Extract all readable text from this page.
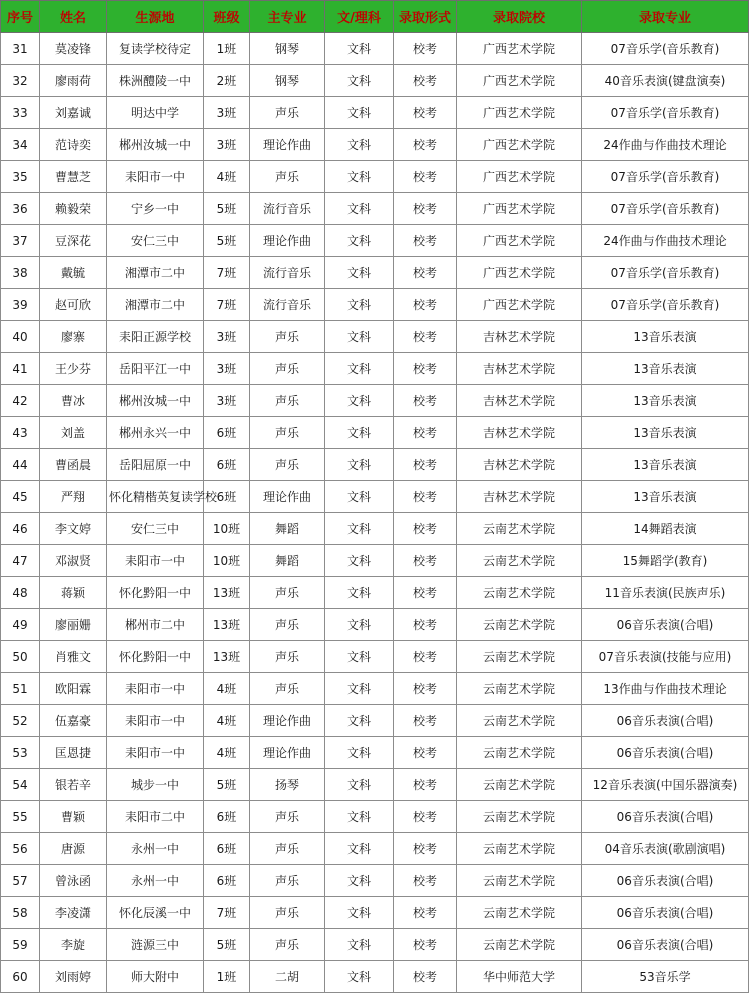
序号	姓名	生源地	班级	主专业	文/理科	录取形式	录取院校	录取专业
31	莫凌锋	复读学校待定	1班	钢琴	文科	校考	广西艺术学院	07音乐学(音乐教育)
32	廖雨荷	株洲醴陵一中	2班	钢琴	文科	校考	广西艺术学院	40音乐表演(键盘演奏)
33	刘嘉诚	明达中学	3班	声乐	文科	校考	广西艺术学院	07音乐学(音乐教育)
34	范诗奕	郴州汝城一中	3班	理论作曲	文科	校考	广西艺术学院	24作曲与作曲技术理论
35	曹慧芝	耒阳市一中	4班	声乐	文科	校考	广西艺术学院	07音乐学(音乐教育)
36	赖毅荣	宁乡一中	5班	流行音乐	文科	校考	广西艺术学院	07音乐学(音乐教育)
37	豆深花	安仁三中	5班	理论作曲	文科	校考	广西艺术学院	24作曲与作曲技术理论
38	戴毓	湘潭市二中	7班	流行音乐	文科	校考	广西艺术学院	07音乐学(音乐教育)
39	赵可欣	湘潭市二中	7班	流行音乐	文科	校考	广西艺术学院	07音乐学(音乐教育)
40	廖寨	耒阳正源学校	3班	声乐	文科	校考	吉林艺术学院	13音乐表演
41	王少芬	岳阳平江一中	3班	声乐	文科	校考	吉林艺术学院	13音乐表演
42	曹冰	郴州汝城一中	3班	声乐	文科	校考	吉林艺术学院	13音乐表演
43	刘盖	郴州永兴一中	6班	声乐	文科	校考	吉林艺术学院	13音乐表演
44	曹函晨	岳阳屈原一中	6班	声乐	文科	校考	吉林艺术学院	13音乐表演
45	严翔	怀化精楷英复读学校	6班	理论作曲	文科	校考	吉林艺术学院	13音乐表演
46	李文婷	安仁三中	10班	舞蹈	文科	校考	云南艺术学院	14舞蹈表演
47	邓淑贤	耒阳市一中	10班	舞蹈	文科	校考	云南艺术学院	15舞蹈学(教育)
48	蒋颖	怀化黔阳一中	13班	声乐	文科	校考	云南艺术学院	11音乐表演(民族声乐)
49	廖丽姗	郴州市二中	13班	声乐	文科	校考	云南艺术学院	06音乐表演(合唱)
50	肖雅文	怀化黔阳一中	13班	声乐	文科	校考	云南艺术学院	07音乐表演(技能与应用)
51	欧阳霖	耒阳市一中	4班	声乐	文科	校考	云南艺术学院	13作曲与作曲技术理论
52	伍嘉豪	耒阳市一中	4班	理论作曲	文科	校考	云南艺术学院	06音乐表演(合唱)
53	匡恩捷	耒阳市一中	4班	理论作曲	文科	校考	云南艺术学院	06音乐表演(合唱)
54	银若辛	城步一中	5班	扬琴	文科	校考	云南艺术学院	12音乐表演(中国乐器演奏)
55	曹颖	耒阳市二中	6班	声乐	文科	校考	云南艺术学院	06音乐表演(合唱)
56	唐源	永州一中	6班	声乐	文科	校考	云南艺术学院	04音乐表演(歌剧演唱)
57	曾泳函	永州一中	6班	声乐	文科	校考	云南艺术学院	06音乐表演(合唱)
58	李凌潇	怀化辰溪一中	7班	声乐	文科	校考	云南艺术学院	06音乐表演(合唱)
59	李旋	涟源三中	5班	声乐	文科	校考	云南艺术学院	06音乐表演(合唱)
60	刘雨婷	师大附中	1班	二胡	文科	校考	华中师范大学	53音乐学
